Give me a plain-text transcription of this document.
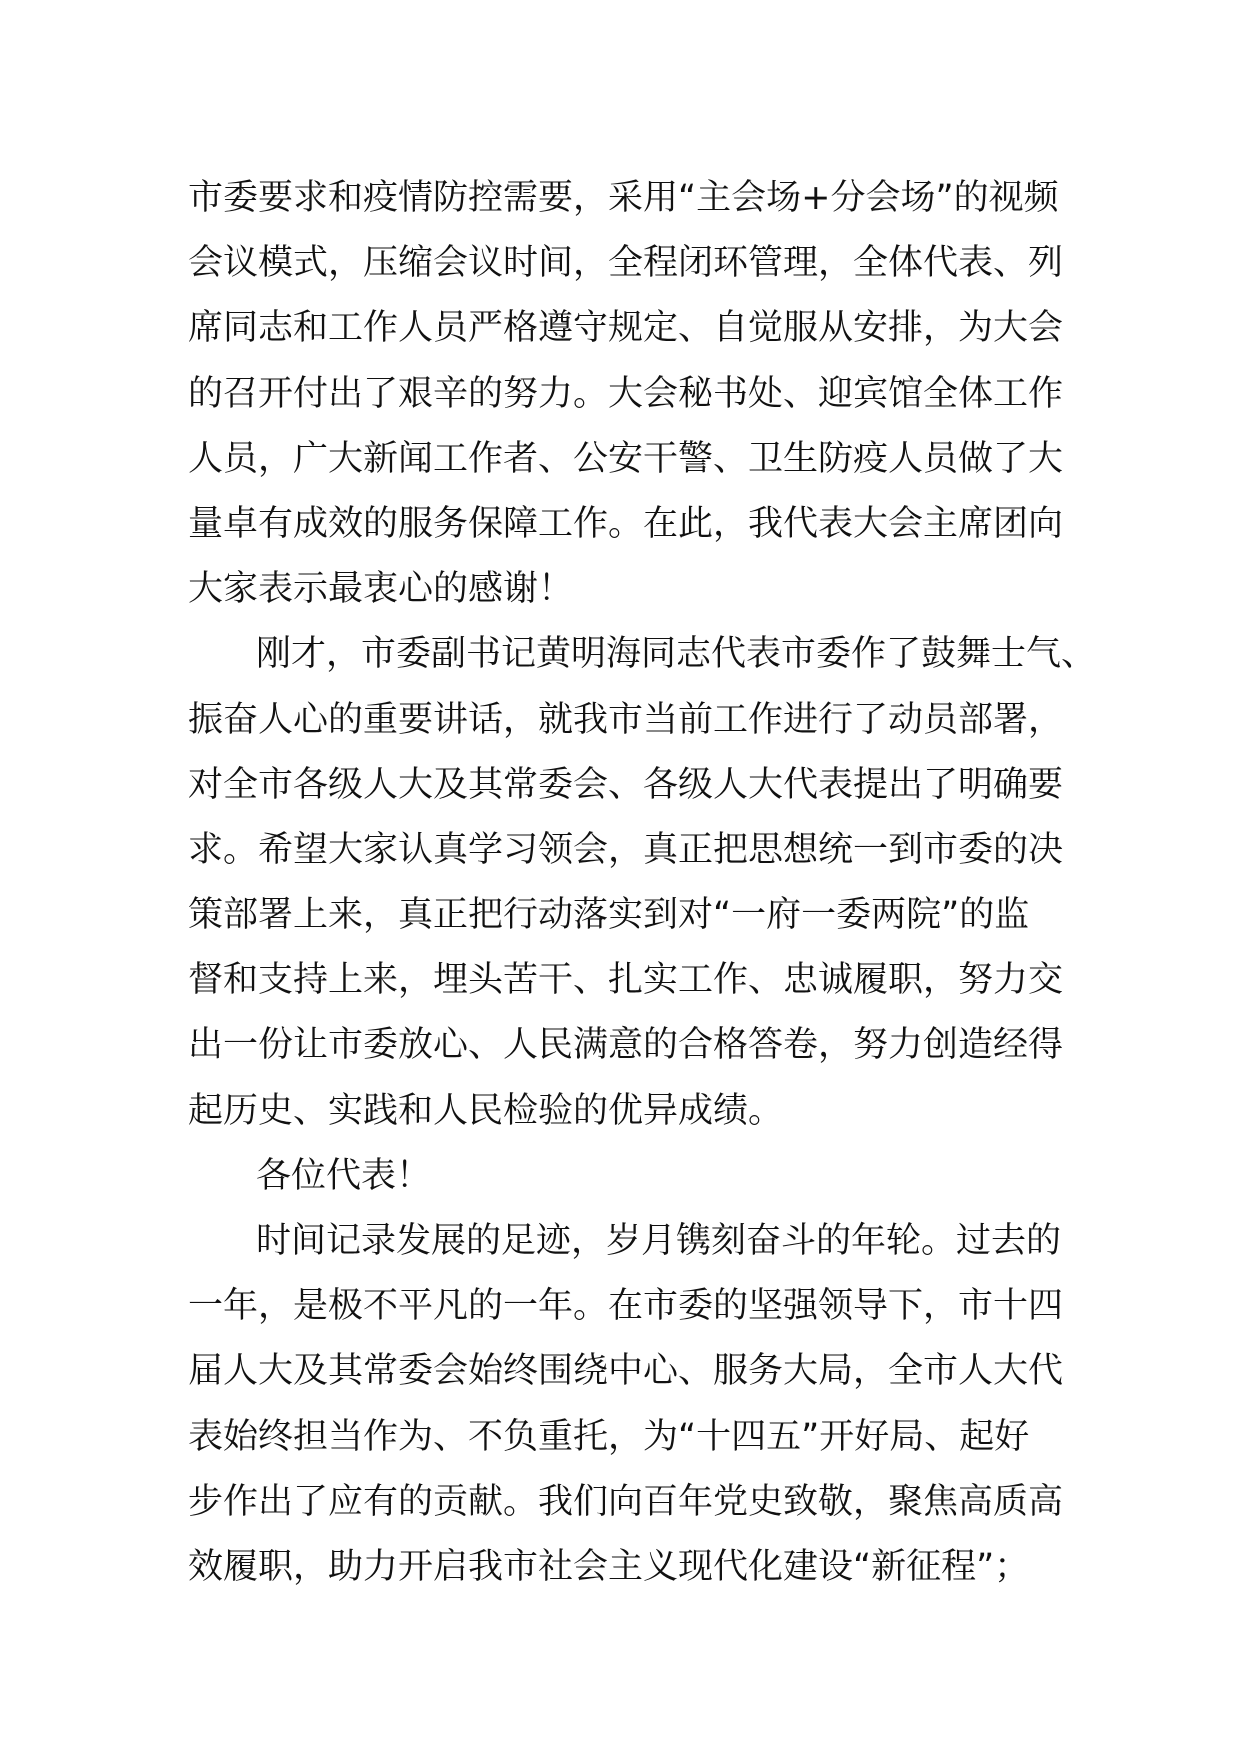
市委要求和疫情防控需要，采用“主会场+分会场”的视频
会议模式，压缩会议时间，全程闭环管理，全体代表、列
席同志和工作人员严格遵守规定、自觉服从安排，为大会
的召开付出了艰辛的努力。大会秘书处、迎宾馆全体工作
人员，广大新闻工作者、公安干警、卫生防疫人员做了大
量卓有成效的服务保障工作。在此，我代表大会主席团向
大家表示最衷心的感谢！
刚才，市委副书记黄明海同志代表市委作了鼓舞士气、
振奋人心的重要讲话，就我市当前工作进行了动员部署，
对全市各级人大及其常委会、各级人大代表提出了明确要
求。希望大家认真学习领会，真正把思想统一到市委的决
策部署上来，真正把行动落实到对“一府一委两院”的监
督和支持上来，埋头苦干、扎实工作、忠诚履职，努力交
出一份让市委放心、人民满意的合格答卷，努力创造经得
起历史、实践和人民检验的优异成绩。
各位代表！
时间记录发展的足迹，岁月镌刻奋斗的年轮。过去的
一年，是极不平凡的一年。在市委的坚强领导下，市十四
届人大及其常委会始终围绕中心、服务大局，全市人大代
表始终担当作为、不负重托，为“十四五”开好局、起好
步作出了应有的贡献。我们向百年党史致敬，聚焦高质高
效履职，助力开启我市社会主义现代化建设“新征程”；
